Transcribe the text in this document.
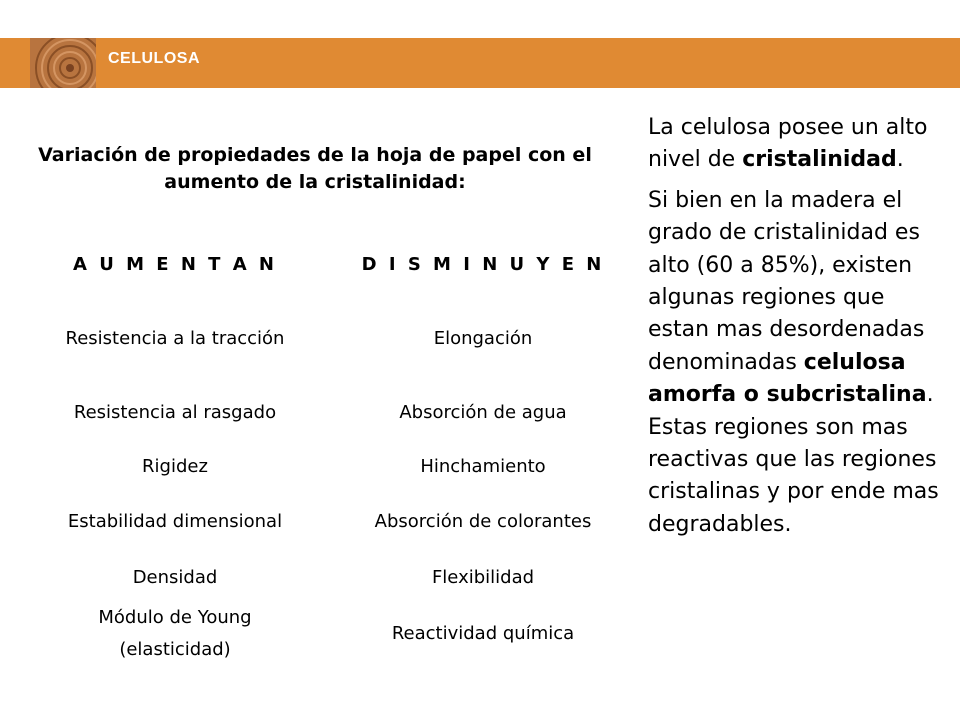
CELULOSA
Variación de propiedades de la hoja de papel con el aumento de la cristalinidad:
A U M E N T A N	D I S M I N U Y E N
Resistencia a la tracción
Resistencia al rasgado
Rigidez
Estabilidad dimensional
Densidad
Módulo de Young
(elasticidad)
Elongación
Absorción de agua
Hinchamiento
Absorción de colorantes
Flexibilidad
Reactividad química

La celulosa posee un alto nivel de cristalinidad.

Si bien en la madera el grado de cristalinidad es alto (60 a 85%), existen algunas regiones que estan mas desordenadas denominadas celulosa amorfa o subcristalina. Estas regiones son mas reactivas que las regiones cristalinas y por ende mas degradables.
